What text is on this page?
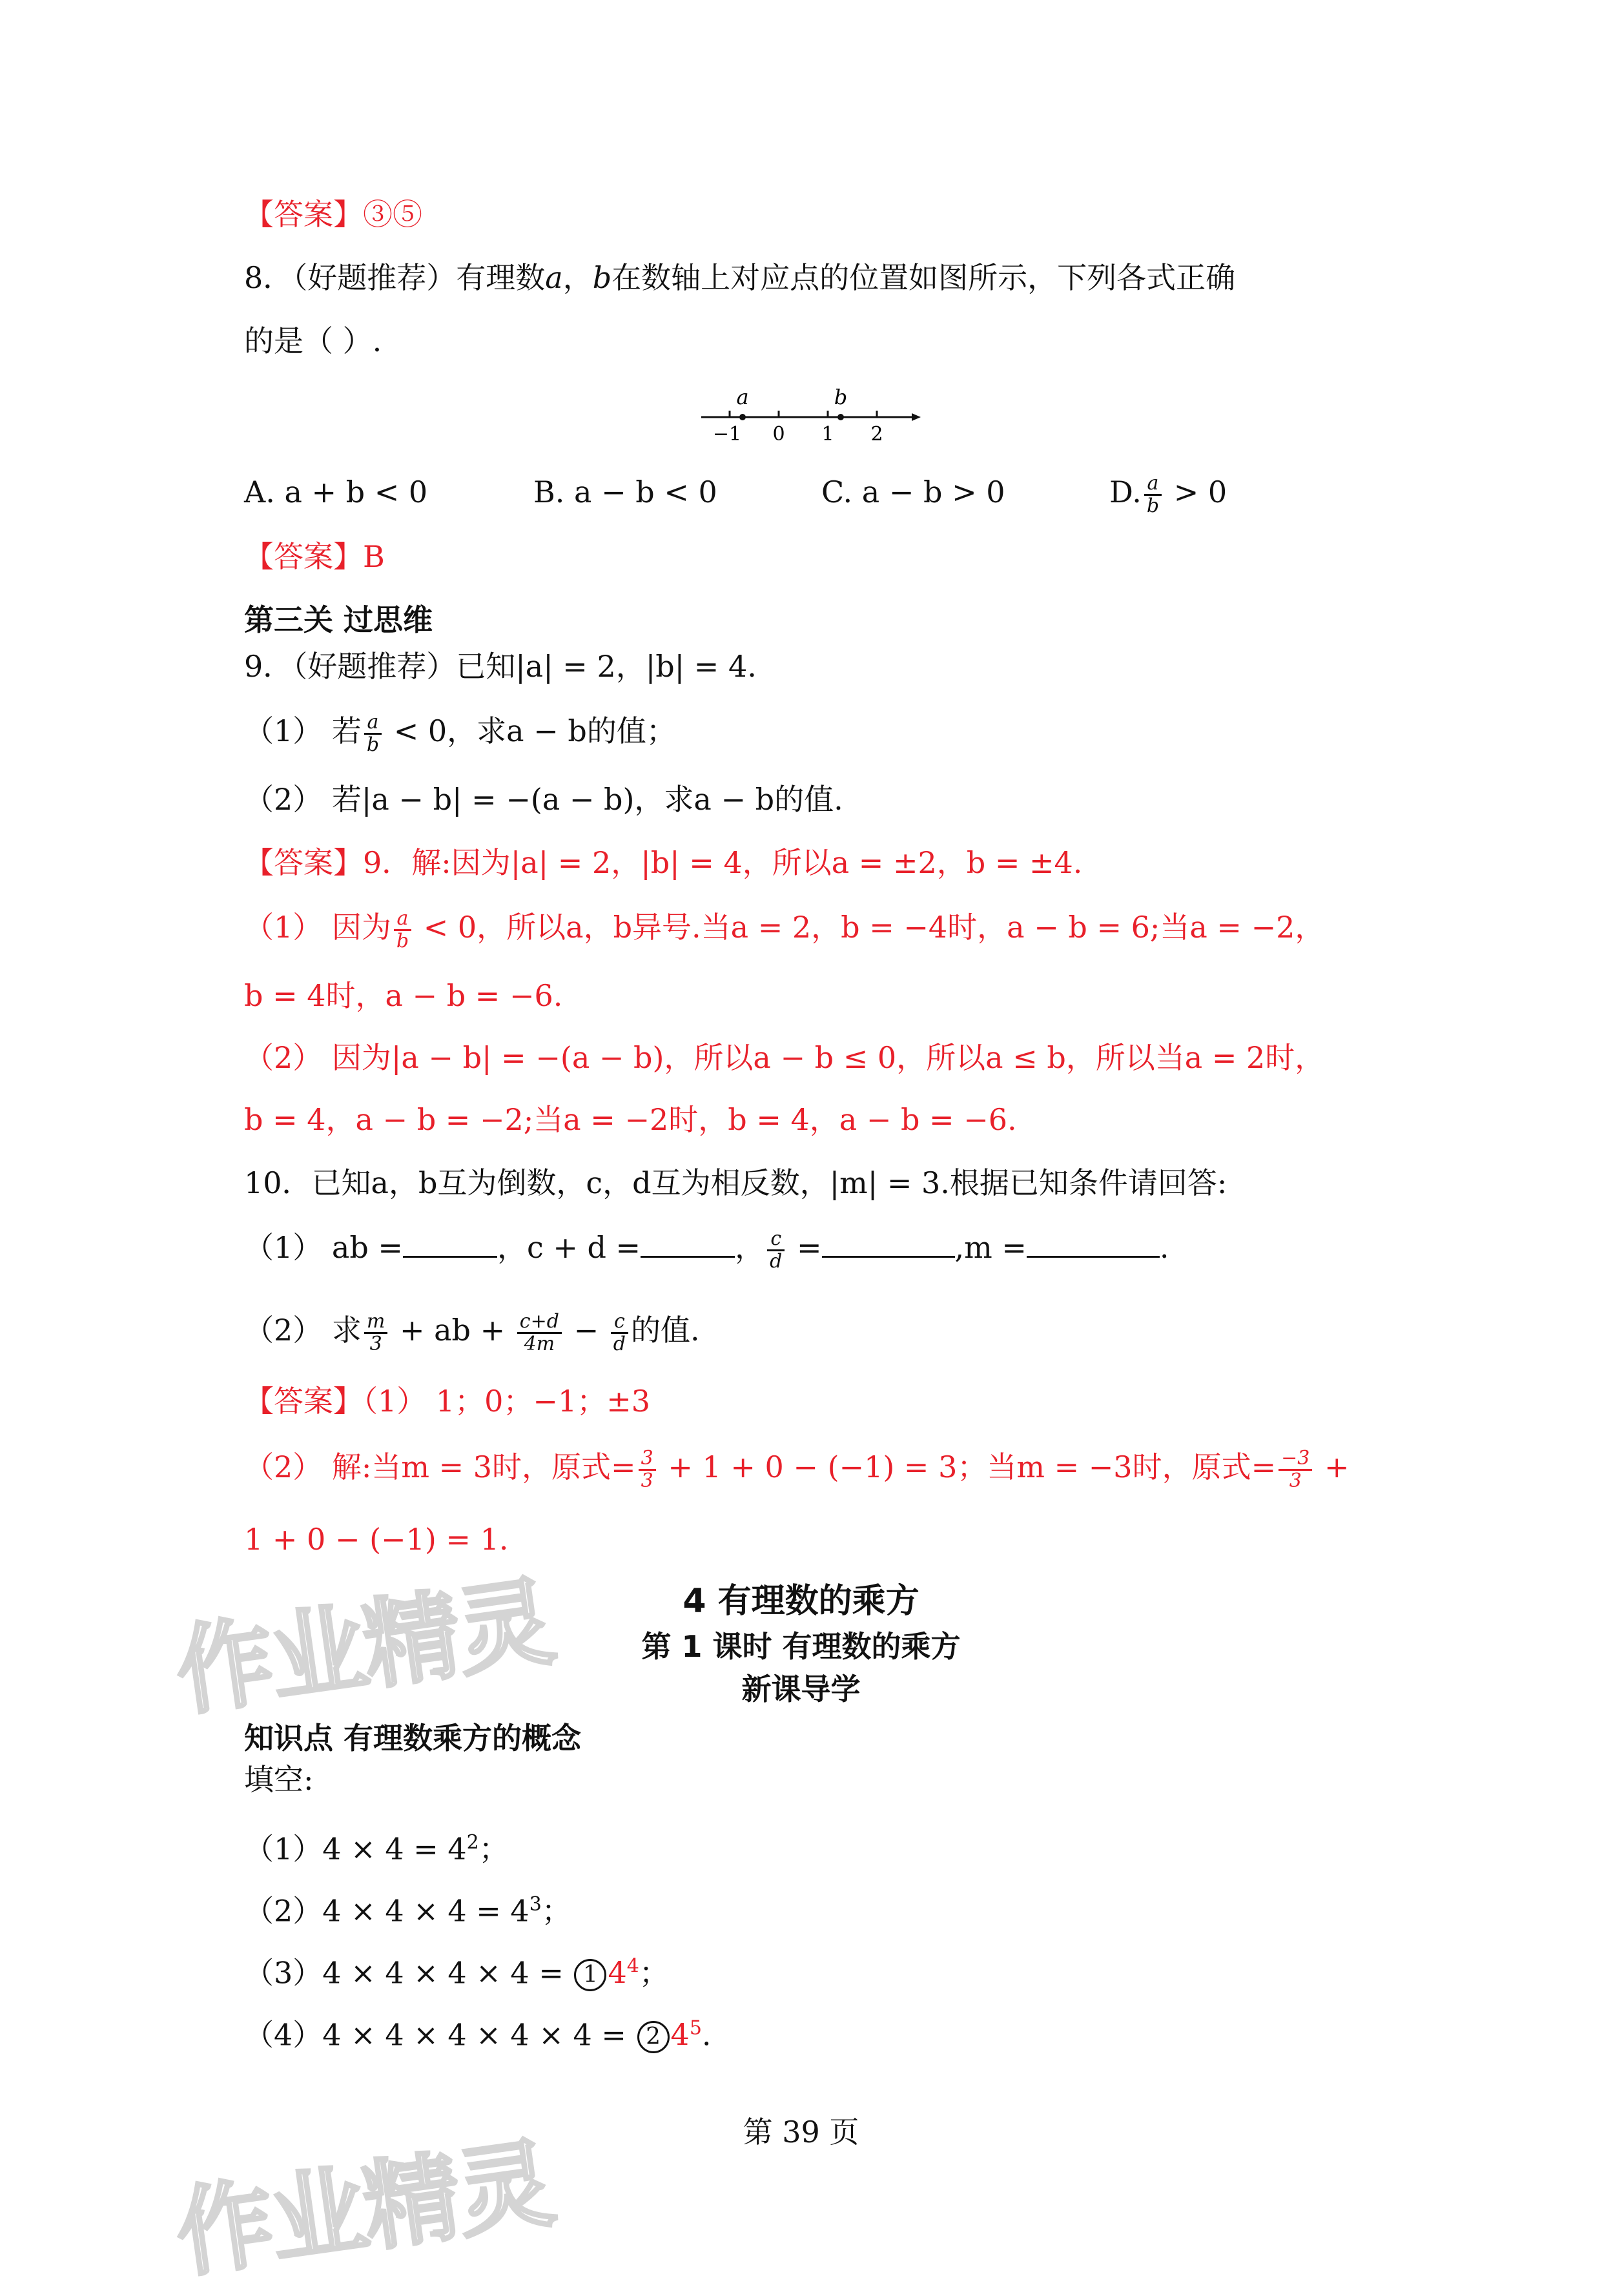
【答案】③⑤
8．（好题推荐）有理数a，b在数轴上对应点的位置如图所示，下列各式正确
的是（ ）.
a	b
−1 0 1 2
A. a + b < 0	B. a − b < 0	C. a − b > 0	D. $\frac{a}{b} > 0$
【答案】B
第三关 过思维
9．（好题推荐）已知|a| = 2，|b| = 4.
（1） 若 $\frac{a}{b} < 0$，求a − b的值；
（2） 若|a − b| = −(a − b)，求a − b的值.
【答案】9．解:因为|a| = 2，|b| = 4，所以a = ±2，b = ±4.
（1） 因为 $\frac{a}{b} < 0$，所以a，b异号.当a = 2，b = −4时，a − b = 6;当a = −2，
b = 4时，a − b = −6.
（2） 因为|a − b| = −(a − b)，所以a − b ≤ 0，所以a ≤ b，所以当a = 2时，
b = 4，a − b = −2;当a = −2时，b = 4，a − b = −6.
10．已知a，b互为倒数，c，d互为相反数，|m| = 3.根据已知条件请回答:
（1） ab =	，c + d =	， $\frac{c}{d}$ =	,m =	.
（2） 求 $\frac{m}{3}$ + ab + $\frac{c+d}{4m} - \frac{c}{d}$ 的值.
【答案】（1） 1；0；−1；±3
（2） 解:当m = 3时，原式= $\frac{3}{3} + 1 + 0 - (-1) = 3$；当m = −3时，原式= $\frac{-3}{3}$ +
1 + 0 − (−1) = 1.
4 有理数的乘方
第 1 课时 有理数的乘方
新课导学
知识点 有理数乘方的概念
填空:
$(1)4 \times 4 = 4^2$；
$(2)4 \times 4 \times 4 = 4^3$；
（3）4 × 4 × 4 × 4 = 1 $4^4$；
（4）4 × 4 × 4 × 4 × 4 = 2 $4^5$.
第 39 页
作业精灵
作业精灵
